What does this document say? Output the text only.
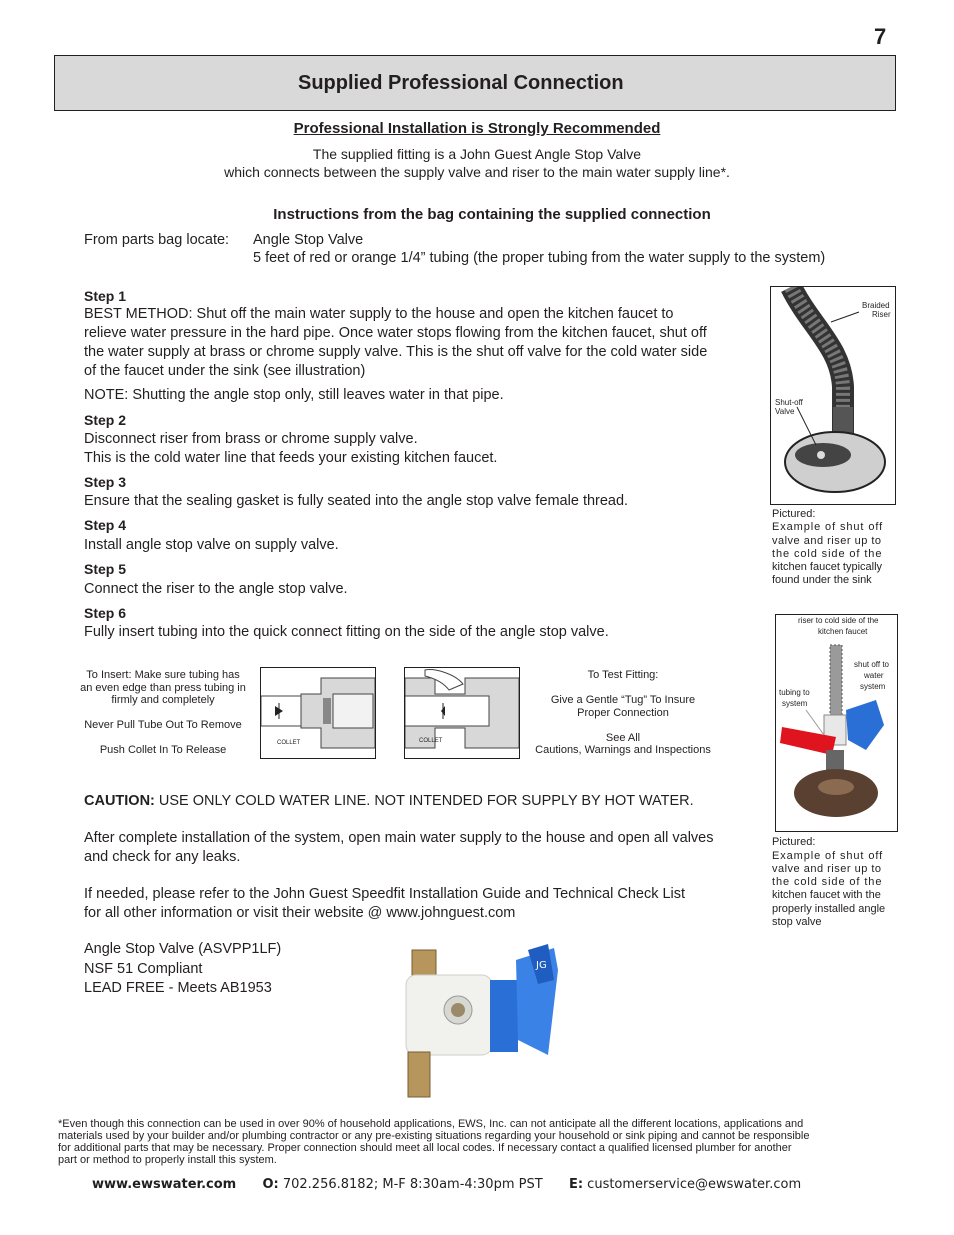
7
Supplied Professional Connection
Professional Installation is Strongly Recommended
The supplied fitting is a John Guest Angle Stop Valve
which connects between the supply valve and riser to the main water supply line*.
Instructions from the bag containing the supplied connection
From parts bag locate: Angle Stop Valve
5 feet of red or orange 1/4” tubing (the proper tubing from the water supply to the system)
Step 1
BEST METHOD: Shut off the main water supply to the house and open the kitchen faucet to
relieve water pressure in the hard pipe. Once water stops flowing from the kitchen faucet, shut off
the water supply at brass or chrome supply valve. This is the shut off valve for the cold water side
of the faucet under the sink (see illustration)
NOTE: Shutting the angle stop only, still leaves water in that pipe.
Step 2
Disconnect riser from brass or chrome supply valve.
This is the cold water line that feeds your existing kitchen faucet.
Step 3
Ensure that the sealing gasket is fully seated into the angle stop valve female thread.
Step 4
Install angle stop valve on supply valve.
Step 5
Connect the riser to the angle stop valve.
Step 6
Fully insert tubing into the quick connect fitting on the side of the angle stop valve.
Braided
Riser
Shut-off
Valve
Pictured:
Example of shut off
valve and riser up to
the cold side of the
kitchen faucet typically
found under the sink
riser to cold side of the
kitchen faucet
shut off to
water
system
tubing to
system
Pictured:
Example of shut off
valve and riser up to
the cold side of the
kitchen faucet with the
properly installed angle
stop valve
To Insert: Make sure tubing has
an even edge than press tubing in
firmly and completely
Never Pull Tube Out To Remove
Push Collet In To Release
COLLET	COLLET
To Test Fitting:
Give a Gentle “Tug” To Insure
Proper Connection
See All
Cautions, Warnings and Inspections
CAUTION: USE ONLY COLD WATER LINE. NOT INTENDED FOR SUPPLY BY HOT WATER.
After complete installation of the system, open main water supply to the house and open all valves
and check for any leaks.
If needed, please refer to the John Guest Speedfit Installation Guide and Technical Check List
for all other information or visit their website @ www.johnguest.com
Angle Stop Valve (ASVPP1LF)
NSF 51 Compliant
LEAD FREE - Meets AB1953
JG
*Even though this connection can be used in over 90% of household applications, EWS, Inc. can not anticipate all the different locations, applications and
materials used by your builder and/or plumbing contractor or any pre-existing situations regarding your household or sink piping and cannot be responsible
for additional parts that may be necessary. Proper connection should meet all local codes. If necessary contact a qualified licensed plumber for another
part or method to properly install this system.
www.ewswater.com O: 702.256.8182; M-F 8:30am-4:30pm PST E: customerservice@ewswater.com
